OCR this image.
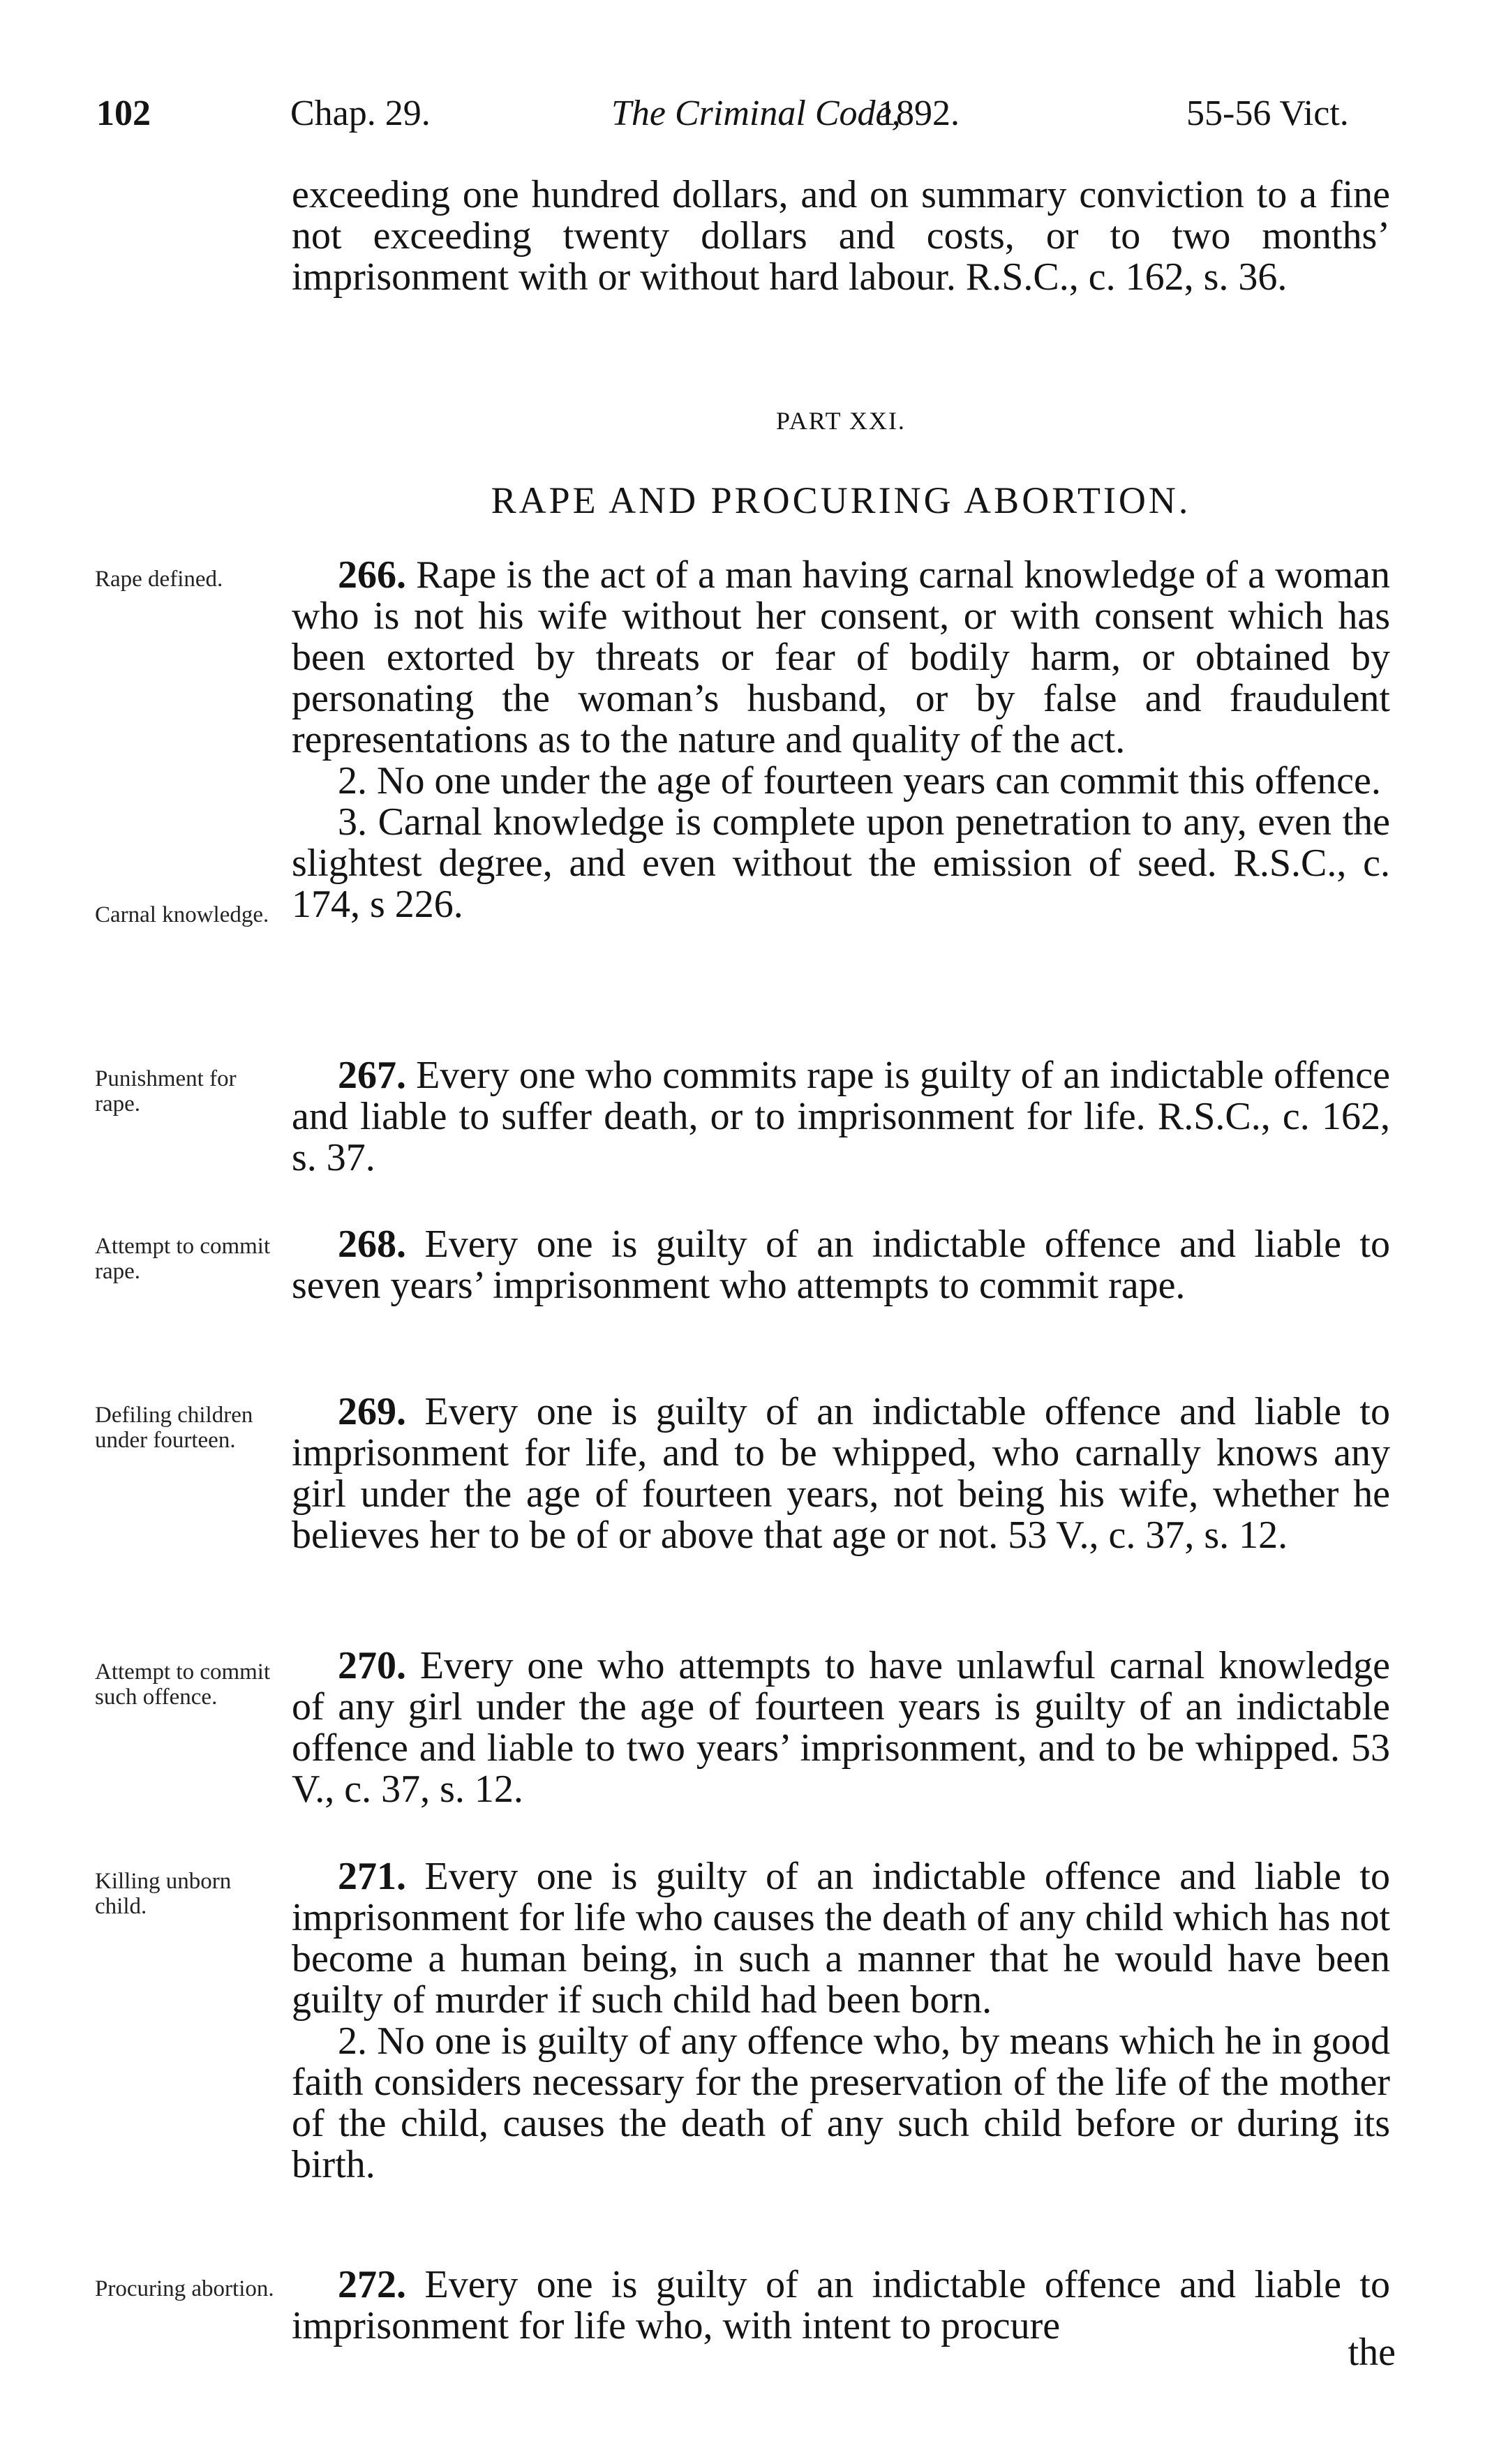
102	Chap. 29.	The Criminal Code,
1892.	55-56 Vict.

exceeding one hundred dollars, and on summary conviction to a fine not exceeding twenty dollars and costs, or to two months’ imprisonment with or without hard labour. R.S.C., c. 162, s. 36.

PART XXI.
RAPE AND PROCURING ABORTION.
Rape defined.	266. Rape is the act of a man having carnal knowledge of a woman who is not his wife without her consent, or with consent which has been extorted by threats or fear of bodily harm, or obtained by personating the woman’s husband, or by false and fraudulent representations as to the nature and quality of the act.

2. No one under the age of fourteen years can commit this offence.

3. Carnal knowledge is complete upon penetration to any, even the slightest degree, and even without the emission of seed. R.S.C., c. 174, s 226.

Carnal knowledge.
Punishment for rape.

267. Every one who commits rape is guilty of an indictable offence and liable to suffer death, or to imprisonment for life. R.S.C., c. 162, s. 37.

Attempt to commit rape.

268. Every one is guilty of an indictable offence and liable to seven years’ imprisonment who attempts to commit rape.

Defiling children under fourteen.

269. Every one is guilty of an indictable offence and liable to imprisonment for life, and to be whipped, who carnally knows any girl under the age of fourteen years, not being his wife, whether he believes her to be of or above that age or not. 53 V., c. 37, s. 12.

Attempt to commit such offence.

270. Every one who attempts to have unlawful carnal knowledge of any girl under the age of fourteen years is guilty of an indictable offence and liable to two years’ imprisonment, and to be whipped. 53 V., c. 37, s. 12.

Killing unborn child.

271. Every one is guilty of an indictable offence and liable to imprisonment for life who causes the death of any child which has not become a human being, in such a manner that he would have been guilty of murder if such child had been born.

2. No one is guilty of any offence who, by means which he in good faith considers necessary for the preservation of the life of the mother of the child, causes the death of any such child before or during its birth.

Procuring abortion.	272. Every one is guilty of an indictable offence and liable to imprisonment for life who, with intent to procure

the
